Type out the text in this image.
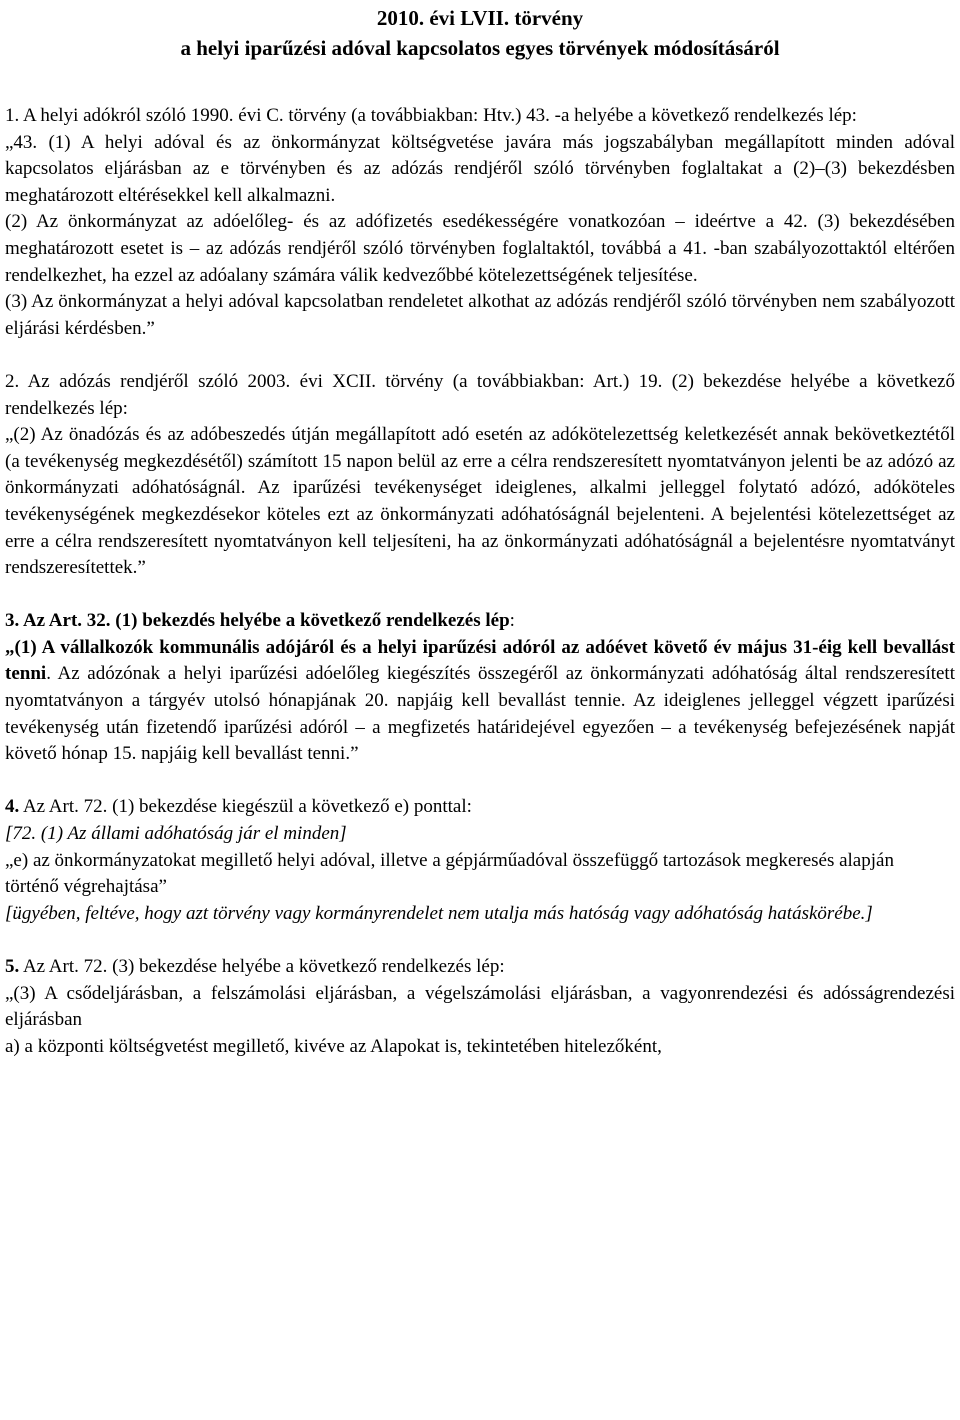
2010. évi LVII. törvény
a helyi iparűzési adóval kapcsolatos egyes törvények módosításáról

1. A helyi adókról szóló 1990. évi C. törvény (a továbbiakban: Htv.) 43. -a helyébe a következő rendelkezés lép:

„43. (1) A helyi adóval és az önkormányzat költségvetése javára más jogszabályban megállapított minden adóval kapcsolatos eljárásban az e törvényben és az adózás rendjéről szóló törvényben foglaltakat a (2)–(3) bekezdésben meghatározott eltérésekkel kell alkalmazni.

(2) Az önkormányzat az adóelőleg- és az adófizetés esedékességére vonatkozóan – ideértve a 42. (3) bekezdésében meghatározott esetet is – az adózás rendjéről szóló törvényben foglaltaktól, továbbá a 41. -ban szabályozottaktól eltérően rendelkezhet, ha ezzel az adóalany számára válik kedvezőbbé kötelezettségének teljesítése.

(3) Az önkormányzat a helyi adóval kapcsolatban rendeletet alkothat az adózás rendjéről szóló törvényben nem szabályozott eljárási kérdésben.”

2. Az adózás rendjéről szóló 2003. évi XCII. törvény (a továbbiakban: Art.) 19. (2) bekezdése helyébe a következő rendelkezés lép:

„(2) Az önadózás és az adóbeszedés útján megállapított adó esetén az adókötelezettség keletkezését annak bekövetkeztétől (a tevékenység megkezdésétől) számított 15 napon belül az erre a célra rendszeresített nyomtatványon jelenti be az adózó az önkormányzati adóhatóságnál. Az iparűzési tevékenységet ideiglenes, alkalmi jelleggel folytató adózó, adóköteles tevékenységének megkezdésekor köteles ezt az önkormányzati adóhatóságnál bejelenteni. A bejelentési kötelezettséget az erre a célra rendszeresített nyomtatványon kell teljesíteni, ha az önkormányzati adóhatóságnál a bejelentésre nyomtatványt rendszeresítettek.”

3. Az Art. 32. (1) bekezdés helyébe a következő rendelkezés lép:

„(1) A vállalkozók kommunális adójáról és a helyi iparűzési adóról az adóévet követő év május 31-éig kell bevallást tenni. Az adózónak a helyi iparűzési adóelőleg kiegészítés összegéről az önkormányzati adóhatóság által rendszeresített nyomtatványon a tárgyév utolsó hónapjának 20. napjáig kell bevallást tennie. Az ideiglenes jelleggel végzett iparűzési tevékenység után fizetendő iparűzési adóról – a megfizetés határidejével egyezően – a tevékenység befejezésének napját követő hónap 15. napjáig kell bevallást tenni.”

4. Az Art. 72. (1) bekezdése kiegészül a következő e) ponttal:

[72. (1) Az állami adóhatóság jár el minden]

„e) az önkormányzatokat megillető helyi adóval, illetve a gépjárműadóval összefüggő tartozások megkeresés alapján

történő végrehajtása”

[ügyében, feltéve, hogy azt törvény vagy kormányrendelet nem utalja más hatóság vagy adóhatóság hatáskörébe.]

5. Az Art. 72. (3) bekezdése helyébe a következő rendelkezés lép:

„(3) A csődeljárásban, a felszámolási eljárásban, a végelszámolási eljárásban, a vagyonrendezési és adósságrendezési eljárásban

a) a központi költségvetést megillető, kivéve az Alapokat is, tekintetében hitelezőként,
